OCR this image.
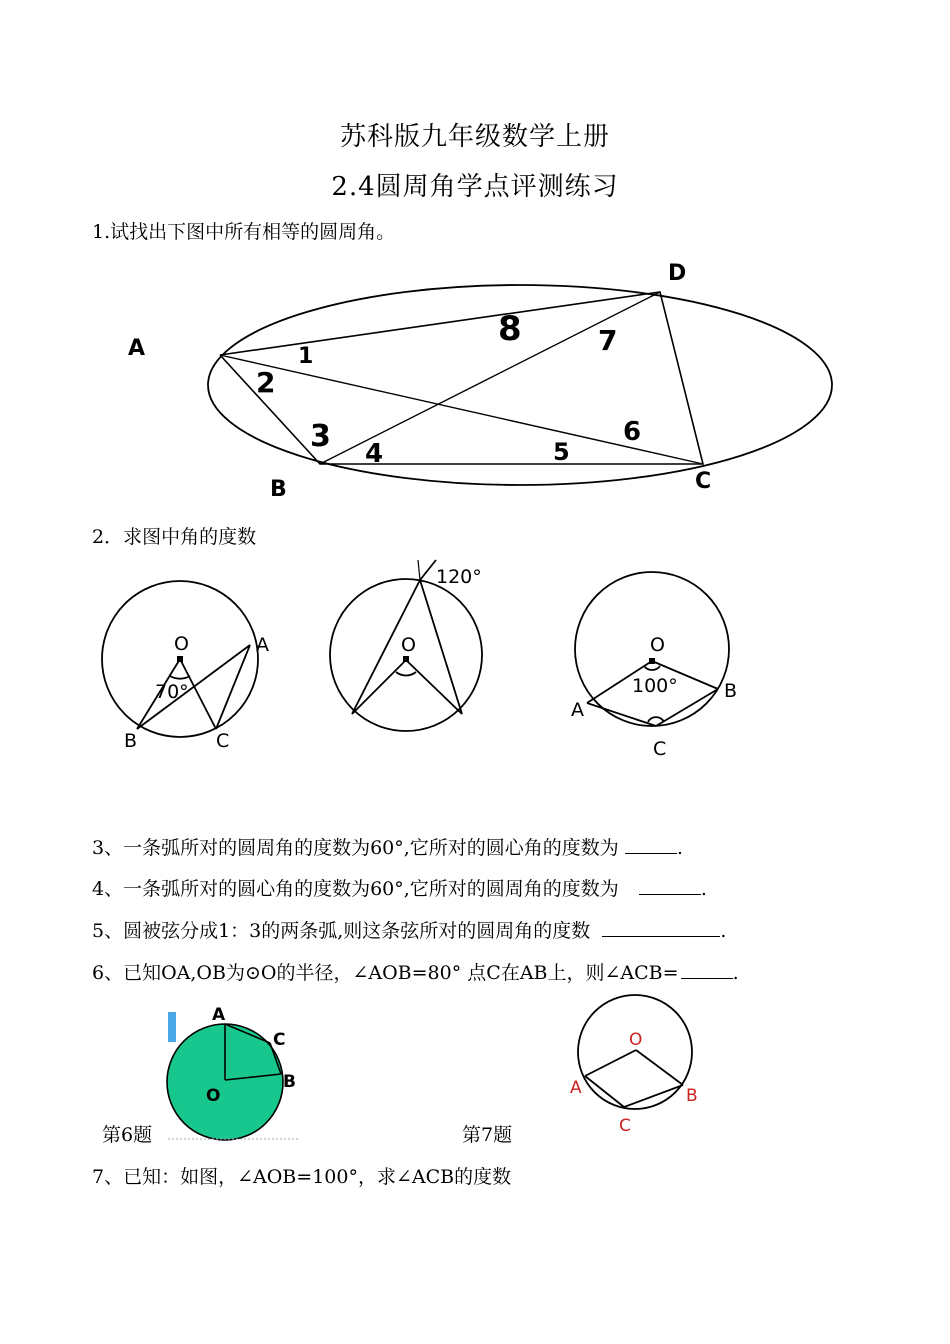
苏科版九年级数学上册
2.4圆周角学点评测练习
1.试找出下图中所有相等的圆周角。
A
B	C
D
1
2
3 4	5
6
7
8
2．求图中角的度数
O	A
B	C
70°
O
120°
O
A
B
C
100°
3、一条弧所对的圆周角的度数为60°,它所对的圆心角的度数为	.
4、一条弧所对的圆心角的度数为60°,它所对的圆周角的度数为	.
5、圆被弦分成1：3的两条弧,则这条弦所对的圆周角的度数	.
6、已知OA,OB为⊙O的半径，∠AOB=80° 点C在AB上，则∠ACB=	.
A
C
B
O
第6题
O
A	B
C
第7题
7、已知：如图，∠AOB=100°，求∠ACB的度数
